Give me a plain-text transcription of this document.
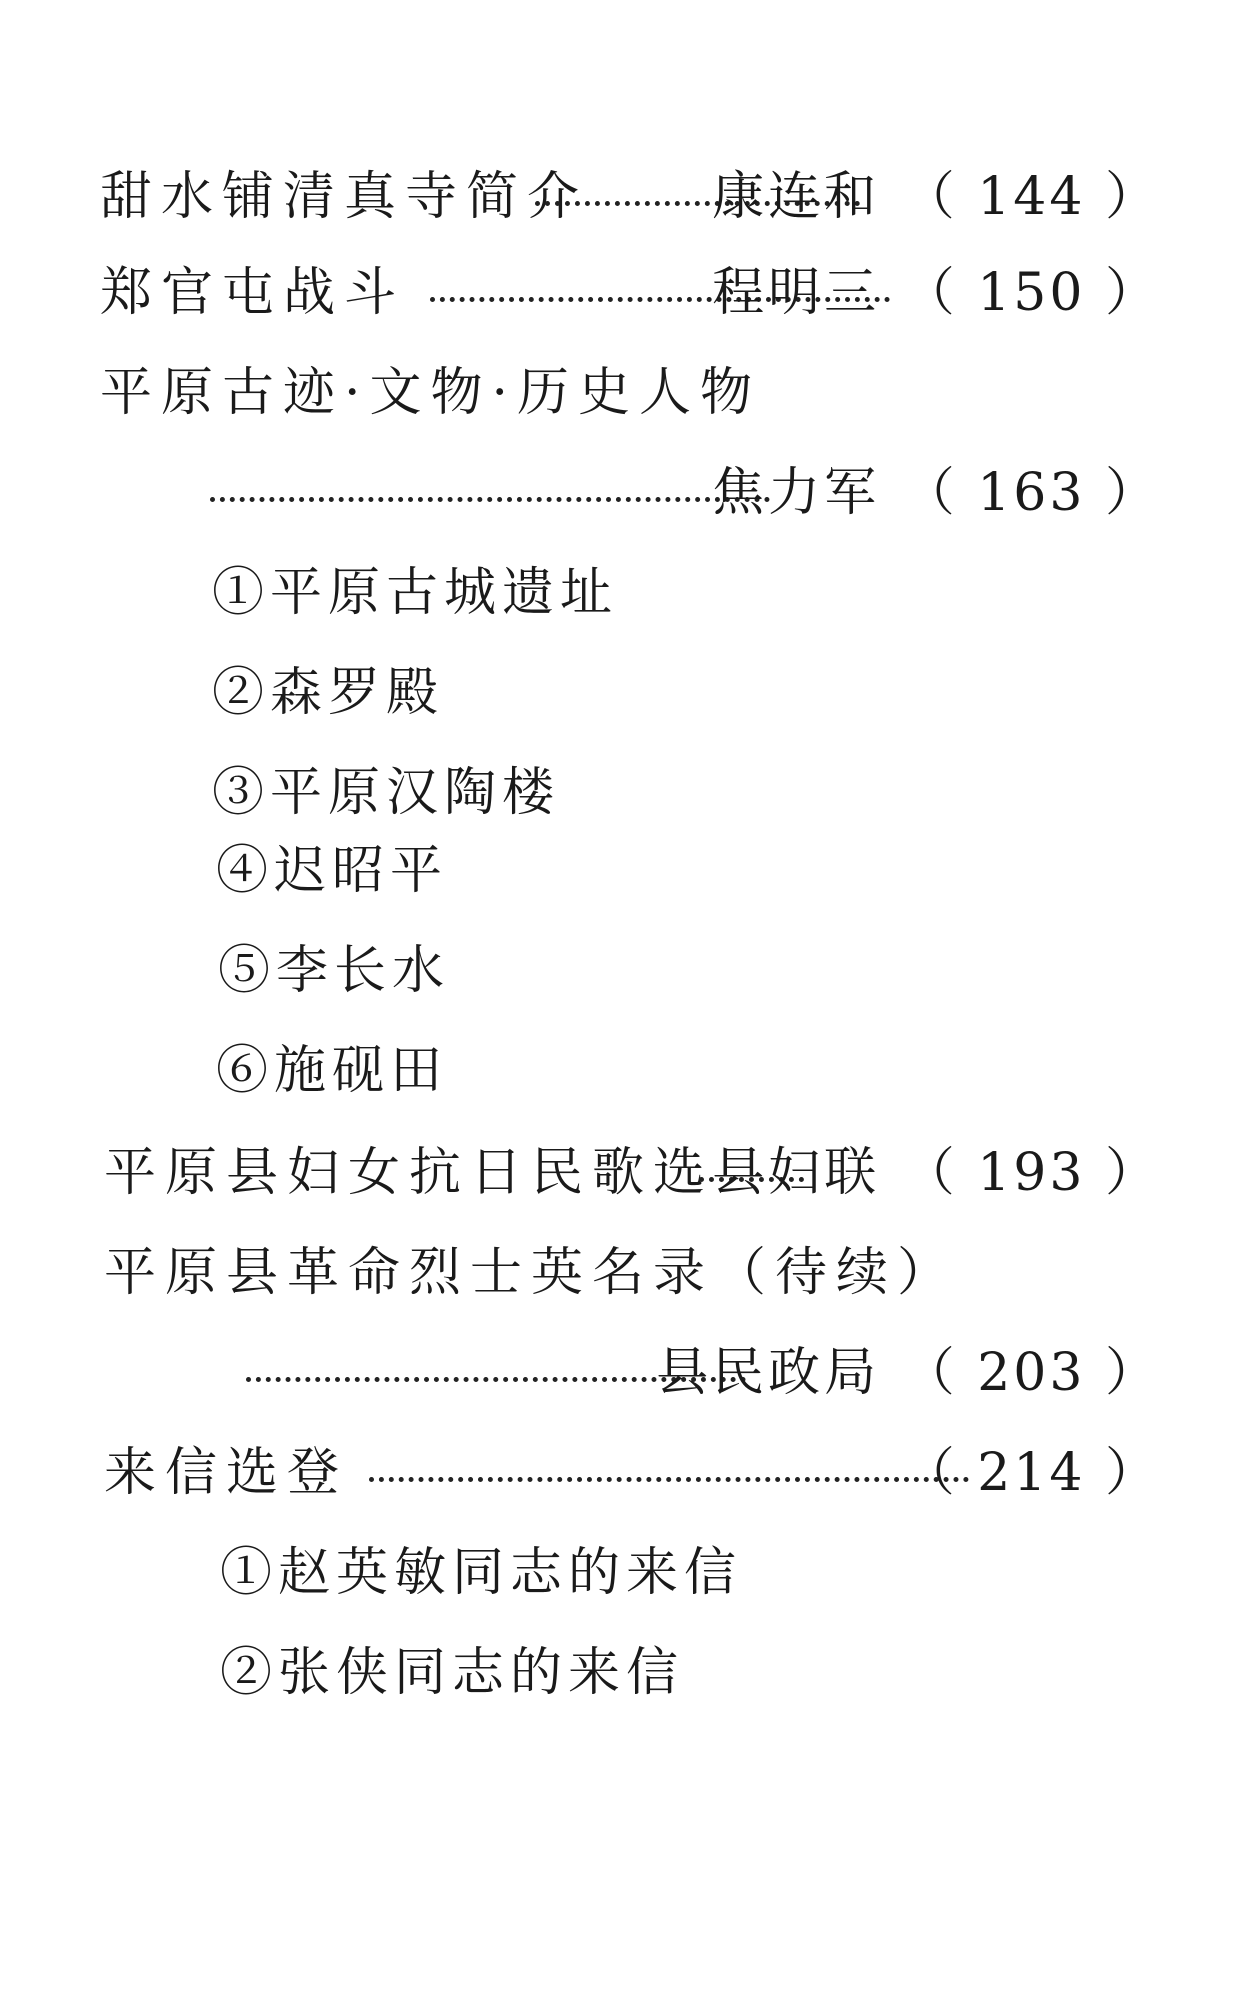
甜水铺清真寺简介 康连和 （ 144 ）
郑官屯战斗	程明三 （ 150 ）
平原古迹·文物·历史人物
焦力军 （ 163 ）
①平原古城遗址
②森罗殿
③平原汉陶楼
④迟昭平
⑤李长水
⑥施砚田
平原县妇女抗日民歌选
县妇联 （ 193 ）
平原县革命烈士英名录（待续）
县民政局 （ 203 ）
来信选登	（ 214 ）
①赵英敏同志的来信
②张侠同志的来信
